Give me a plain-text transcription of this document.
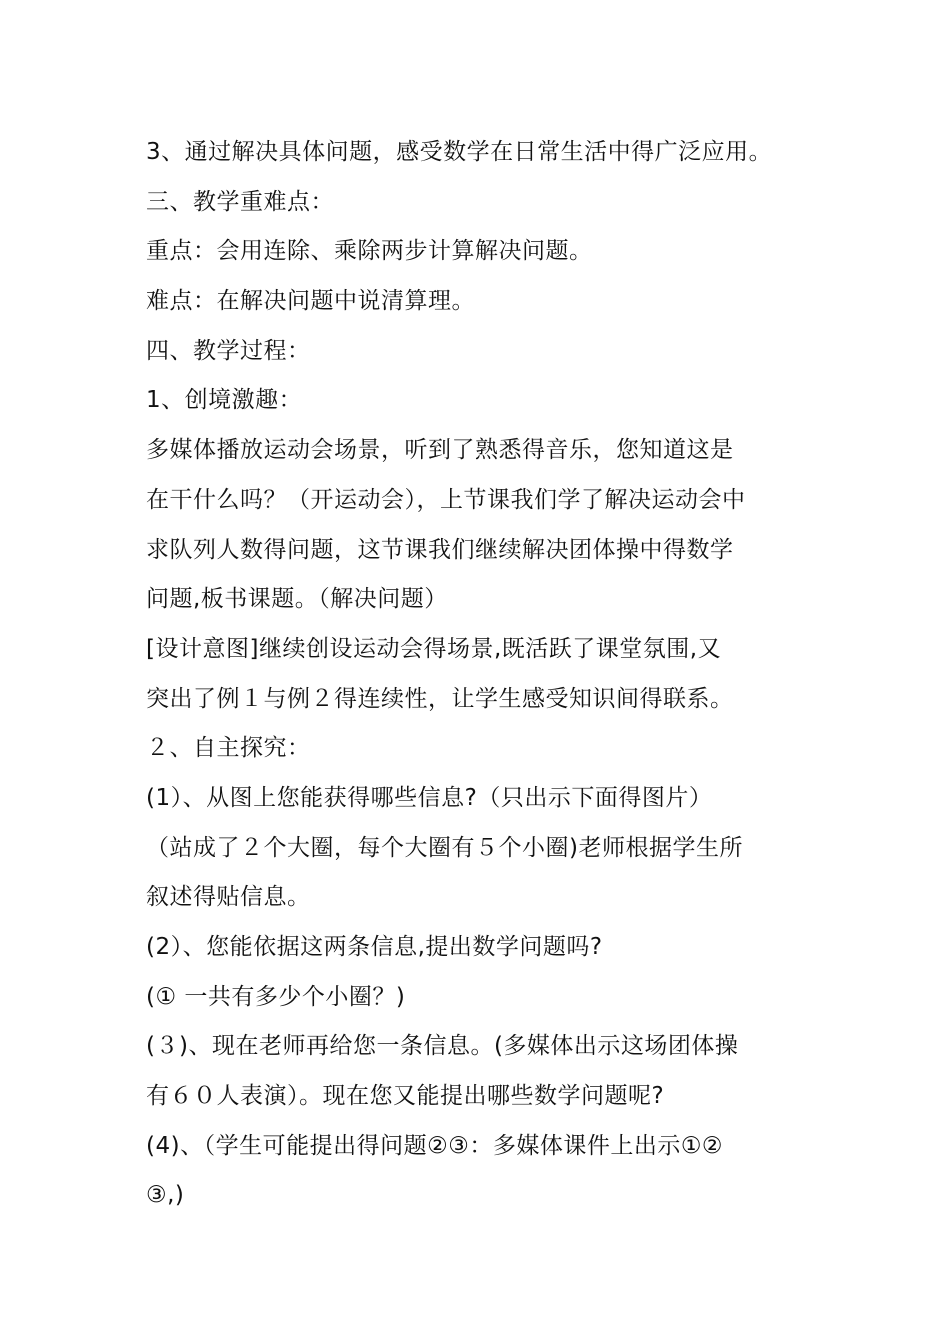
3、通过解决具体问题，感受数学在日常生活中得广泛应用。
三、教学重难点：
重点：会用连除、乘除两步计算解决问题。
难点：在解决问题中说清算理。
四、教学过程：
1、创境激趣：
多媒体播放运动会场景，听到了熟悉得音乐，您知道这是
在干什么吗？（开运动会），上节课我们学了解决运动会中
求队列人数得问题，这节课我们继续解决团体操中得数学
问题,板书课题。（解决问题）
[设计意图]继续创设运动会得场景,既活跃了课堂氛围,又
突出了例１与例２得连续性，让学生感受知识间得联系。
２、自主探究：
(1）、从图上您能获得哪些信息?（只出示下面得图片）
（站成了２个大圈，每个大圈有５个小圈)老师根据学生所
叙述得贴信息。
(2）、您能依据这两条信息,提出数学问题吗?
(① 一共有多少个小圈？)
(３)、现在老师再给您一条信息。(多媒体出示这场团体操
有６０人表演）。现在您又能提出哪些数学问题呢?
(4)、（学生可能提出得问题②③：多媒体课件上出示①②
③,)
